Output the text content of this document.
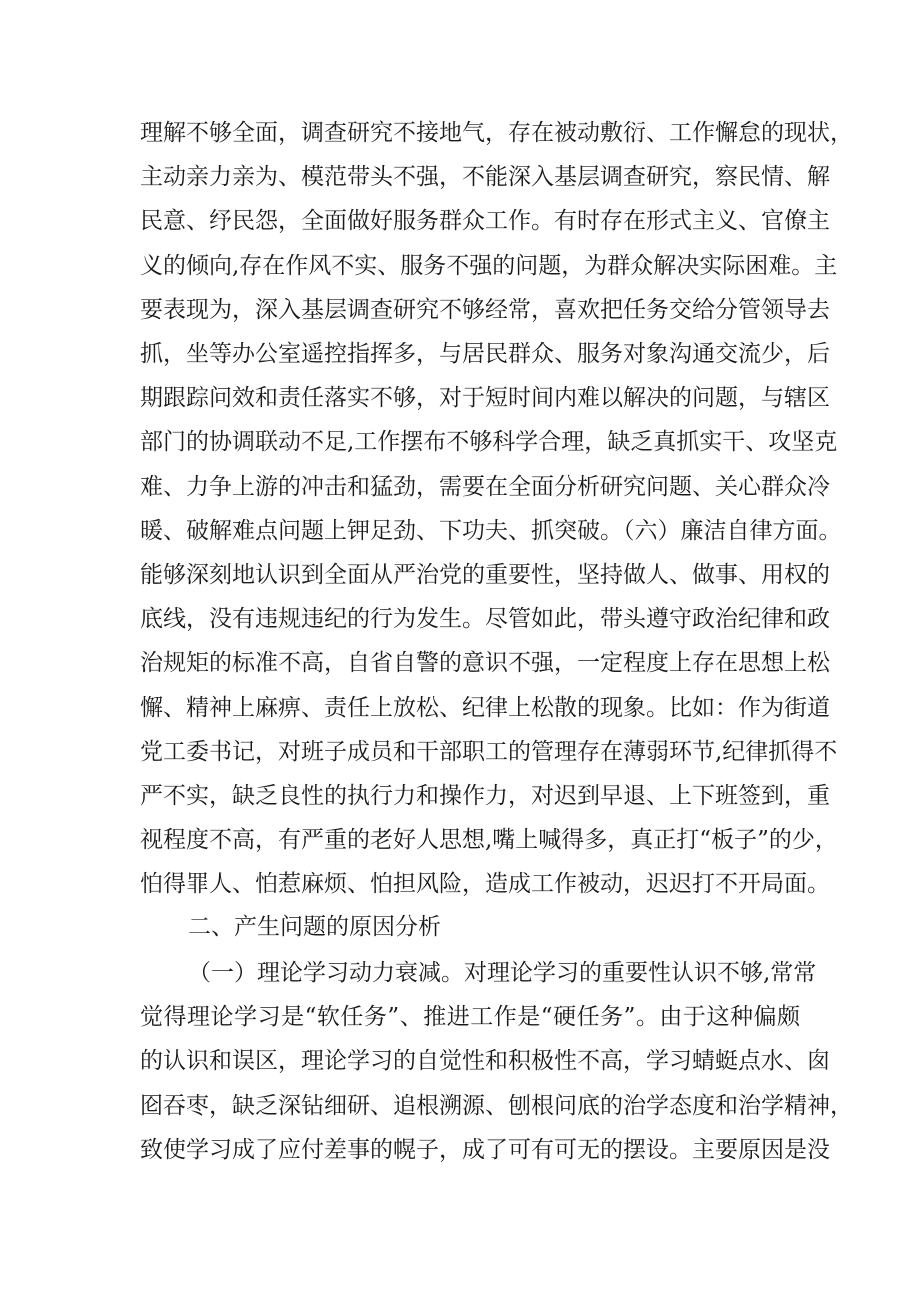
理解不够全面，调查研究不接地气，存在被动敷衍、工作懈怠的现状，
主动亲力亲为、模范带头不强，不能深入基层调查研究，察民情、解
民意、纾民怨，全面做好服务群众工作。有时存在形式主义、官僚主
义的倾向,存在作风不实、服务不强的问题，为群众解决实际困难。主
要表现为，深入基层调查研究不够经常，喜欢把任务交给分管领导去
抓，坐等办公室遥控指挥多，与居民群众、服务对象沟通交流少，后
期跟踪问效和责任落实不够，对于短时间内难以解决的问题，与辖区
部门的协调联动不足,工作摆布不够科学合理，缺乏真抓实干、攻坚克
难、力争上游的冲击和猛劲，需要在全面分析研究问题、关心群众冷
暖、破解难点问题上钾足劲、下功夫、抓突破。（六）廉洁自律方面。
能够深刻地认识到全面从严治党的重要性，坚持做人、做事、用权的
底线，没有违规违纪的行为发生。尽管如此，带头遵守政治纪律和政
治规矩的标准不高，自省自警的意识不强，一定程度上存在思想上松
懈、精神上麻痹、责任上放松、纪律上松散的现象。比如：作为街道
党工委书记，对班子成员和干部职工的管理存在薄弱环节,纪律抓得不
严不实，缺乏良性的执行力和操作力，对迟到早退、上下班签到，重
视程度不高，有严重的老好人思想,嘴上喊得多，真正打“板子”的少，
怕得罪人、怕惹麻烦、怕担风险，造成工作被动，迟迟打不开局面。
二、产生问题的原因分析
（一）理论学习动力衰减。对理论学习的重要性认识不够,常常
觉得理论学习是“软任务”、推进工作是“硬任务”。由于这种偏颇
的认识和误区，理论学习的自觉性和积极性不高，学习蜻蜓点水、囱
囵吞枣，缺乏深钻细研、追根溯源、刨根问底的治学态度和治学精神，
致使学习成了应付差事的幌子，成了可有可无的摆设。主要原因是没
